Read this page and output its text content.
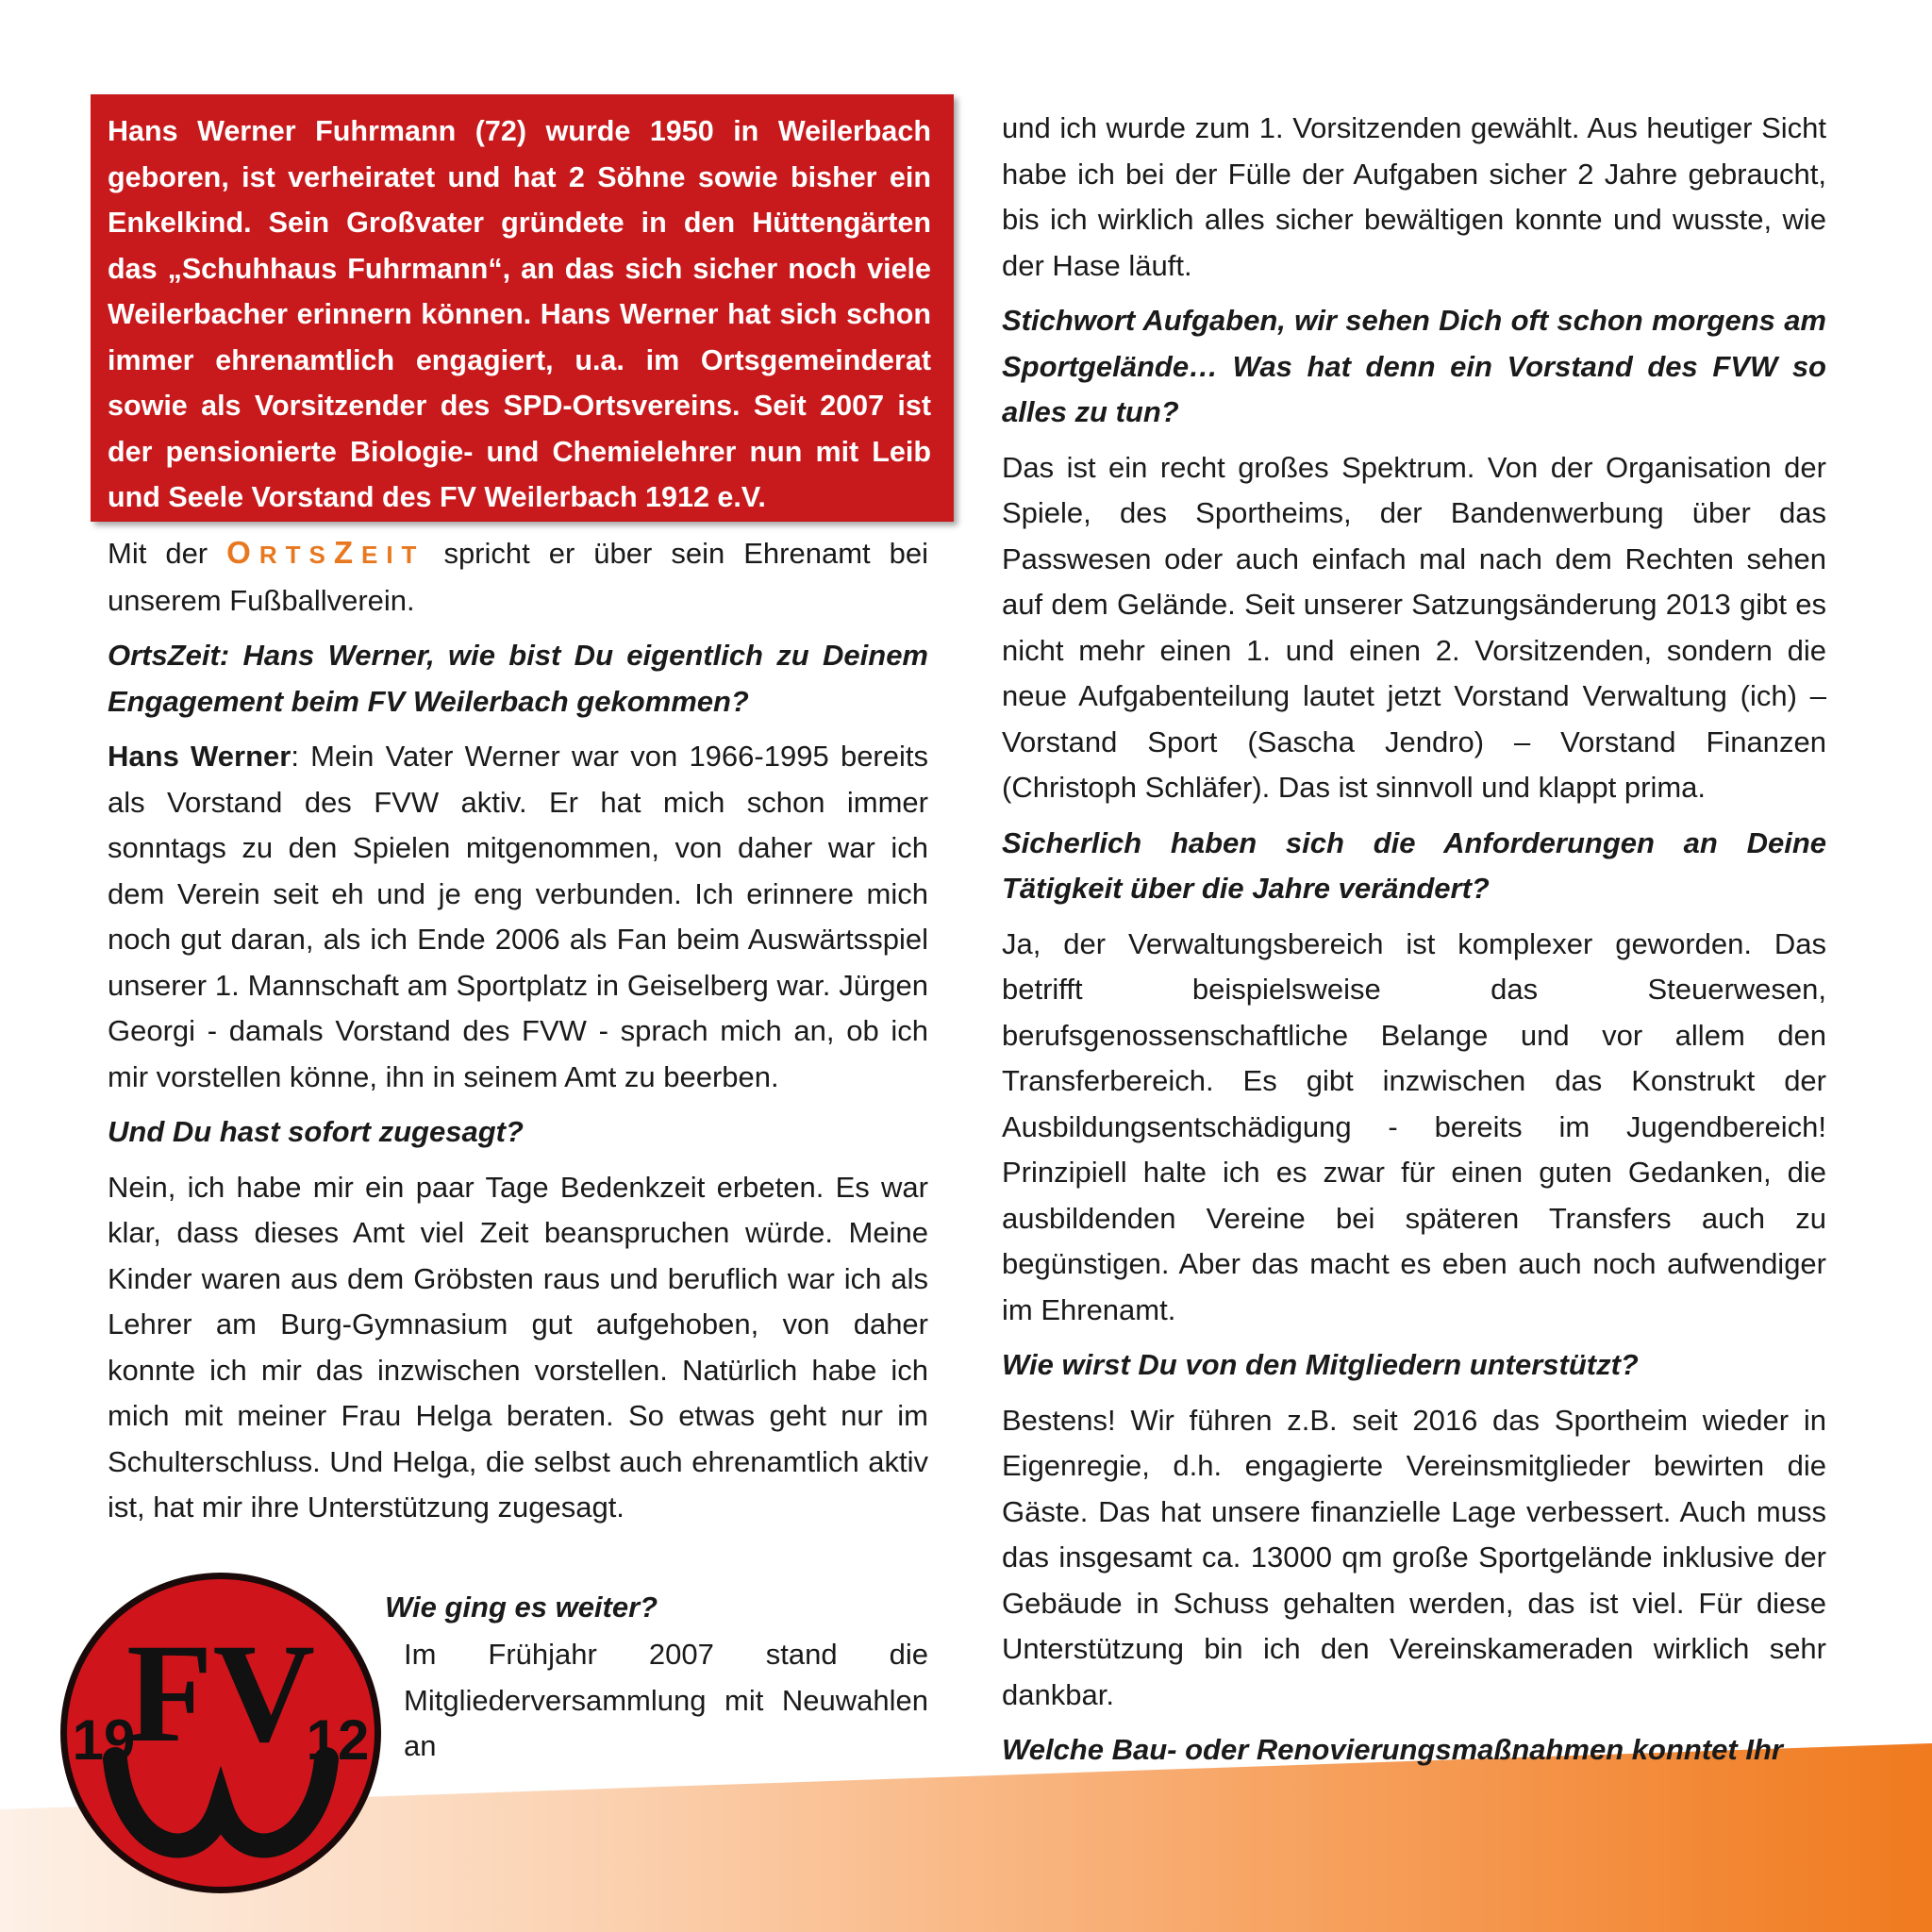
Hans Werner Fuhrmann (72) wurde 1950 in Weilerbach geboren, ist verheiratet und hat 2 Söhne sowie bisher ein Enkelkind. Sein Großvater gründete in den Hüttengärten das „Schuhhaus Fuhrmann“, an das sich sicher noch viele Weilerbacher erinnern können. Hans Werner hat sich schon immer ehrenamtlich engagiert, u.a. im Ortsgemeinderat sowie als Vorsitzender des SPD-Ortsvereins. Seit 2007 ist der pensionierte Biologie- und Chemielehrer nun mit Leib und Seele Vorstand des FV Weilerbach 1912 e.V.

Mit der ORTSZEIT spricht er über sein Ehrenamt bei unserem Fußballverein.

OrtsZeit: Hans Werner, wie bist Du eigentlich zu Deinem Engagement beim FV Weilerbach gekommen?

Hans Werner: Mein Vater Werner war von 1966-1995 bereits als Vorstand des FVW aktiv. Er hat mich schon immer sonntags zu den Spielen mitgenommen, von daher war ich dem Verein seit eh und je eng verbunden. Ich erinnere mich noch gut daran, als ich Ende 2006 als Fan beim Auswärtsspiel unserer 1. Mannschaft am Sportplatz in Geiselberg war. Jürgen Georgi - damals Vorstand des FVW - sprach mich an, ob ich mir vorstellen könne, ihn in seinem Amt zu beerben.

Und Du hast sofort zugesagt?

Nein, ich habe mir ein paar Tage Bedenkzeit erbeten. Es war klar, dass dieses Amt viel Zeit beanspruchen würde. Meine Kinder waren aus dem Gröbsten raus und beruflich war ich als Lehrer am Burg-Gymnasium gut aufgehoben, von daher konnte ich mir das inzwischen vorstellen. Natürlich habe ich mich mit meiner Frau Helga beraten. So etwas geht nur im Schulterschluss. Und Helga, die selbst auch ehrenamtlich aktiv ist, hat mir ihre Unterstützung zugesagt.

Wie ging es weiter?

Im Frühjahr 2007 stand die Mitgliederversammlung mit Neuwahlen an

und ich wurde zum 1. Vorsitzenden gewählt. Aus heutiger Sicht habe ich bei der Fülle der Aufgaben sicher 2 Jahre gebraucht, bis ich wirklich alles sicher bewältigen konnte und wusste, wie der Hase läuft.

Stichwort Aufgaben, wir sehen Dich oft schon morgens am Sportgelände… Was hat denn ein Vorstand des FVW so alles zu tun?

Das ist ein recht großes Spektrum. Von der Organisation der Spiele, des Sportheims, der Bandenwerbung über das Passwesen oder auch einfach mal nach dem Rechten sehen auf dem Gelände. Seit unserer Satzungsänderung 2013 gibt es nicht mehr einen 1. und einen 2. Vorsitzenden, sondern die neue Aufgabenteilung lautet jetzt Vorstand Verwaltung (ich) – Vorstand Sport (Sascha Jendro) – Vorstand Finanzen (Christoph Schläfer). Das ist sinnvoll und klappt prima.

Sicherlich haben sich die Anforderungen an Deine Tätigkeit über die Jahre verändert?

Ja, der Verwaltungsbereich ist komplexer geworden. Das betrifft beispielsweise das Steuerwesen, berufsgenossenschaftliche Belange und vor allem den Transferbereich. Es gibt inzwischen das Konstrukt der Ausbildungsentschädigung - bereits im Jugendbereich! Prinzipiell halte ich es zwar für einen guten Gedanken, die ausbildenden Vereine bei späteren Transfers auch zu begünstigen. Aber das macht es eben auch noch aufwendiger im Ehrenamt.

Wie wirst Du von den Mitgliedern unterstützt?

Bestens! Wir führen z.B. seit 2016 das Sportheim wieder in Eigenregie, d.h. engagierte Vereinsmitglieder bewirten die Gäste. Das hat unsere finanzielle Lage verbessert. Auch muss das insgesamt ca. 13000 qm große Sportgelände inklusive der Gebäude in Schuss gehalten werden, das ist viel. Für diese Unterstützung bin ich den Vereinskameraden wirklich sehr dankbar.

Welche Bau- oder Renovierungsmaßnahmen konntet Ihr

FV
19	12
